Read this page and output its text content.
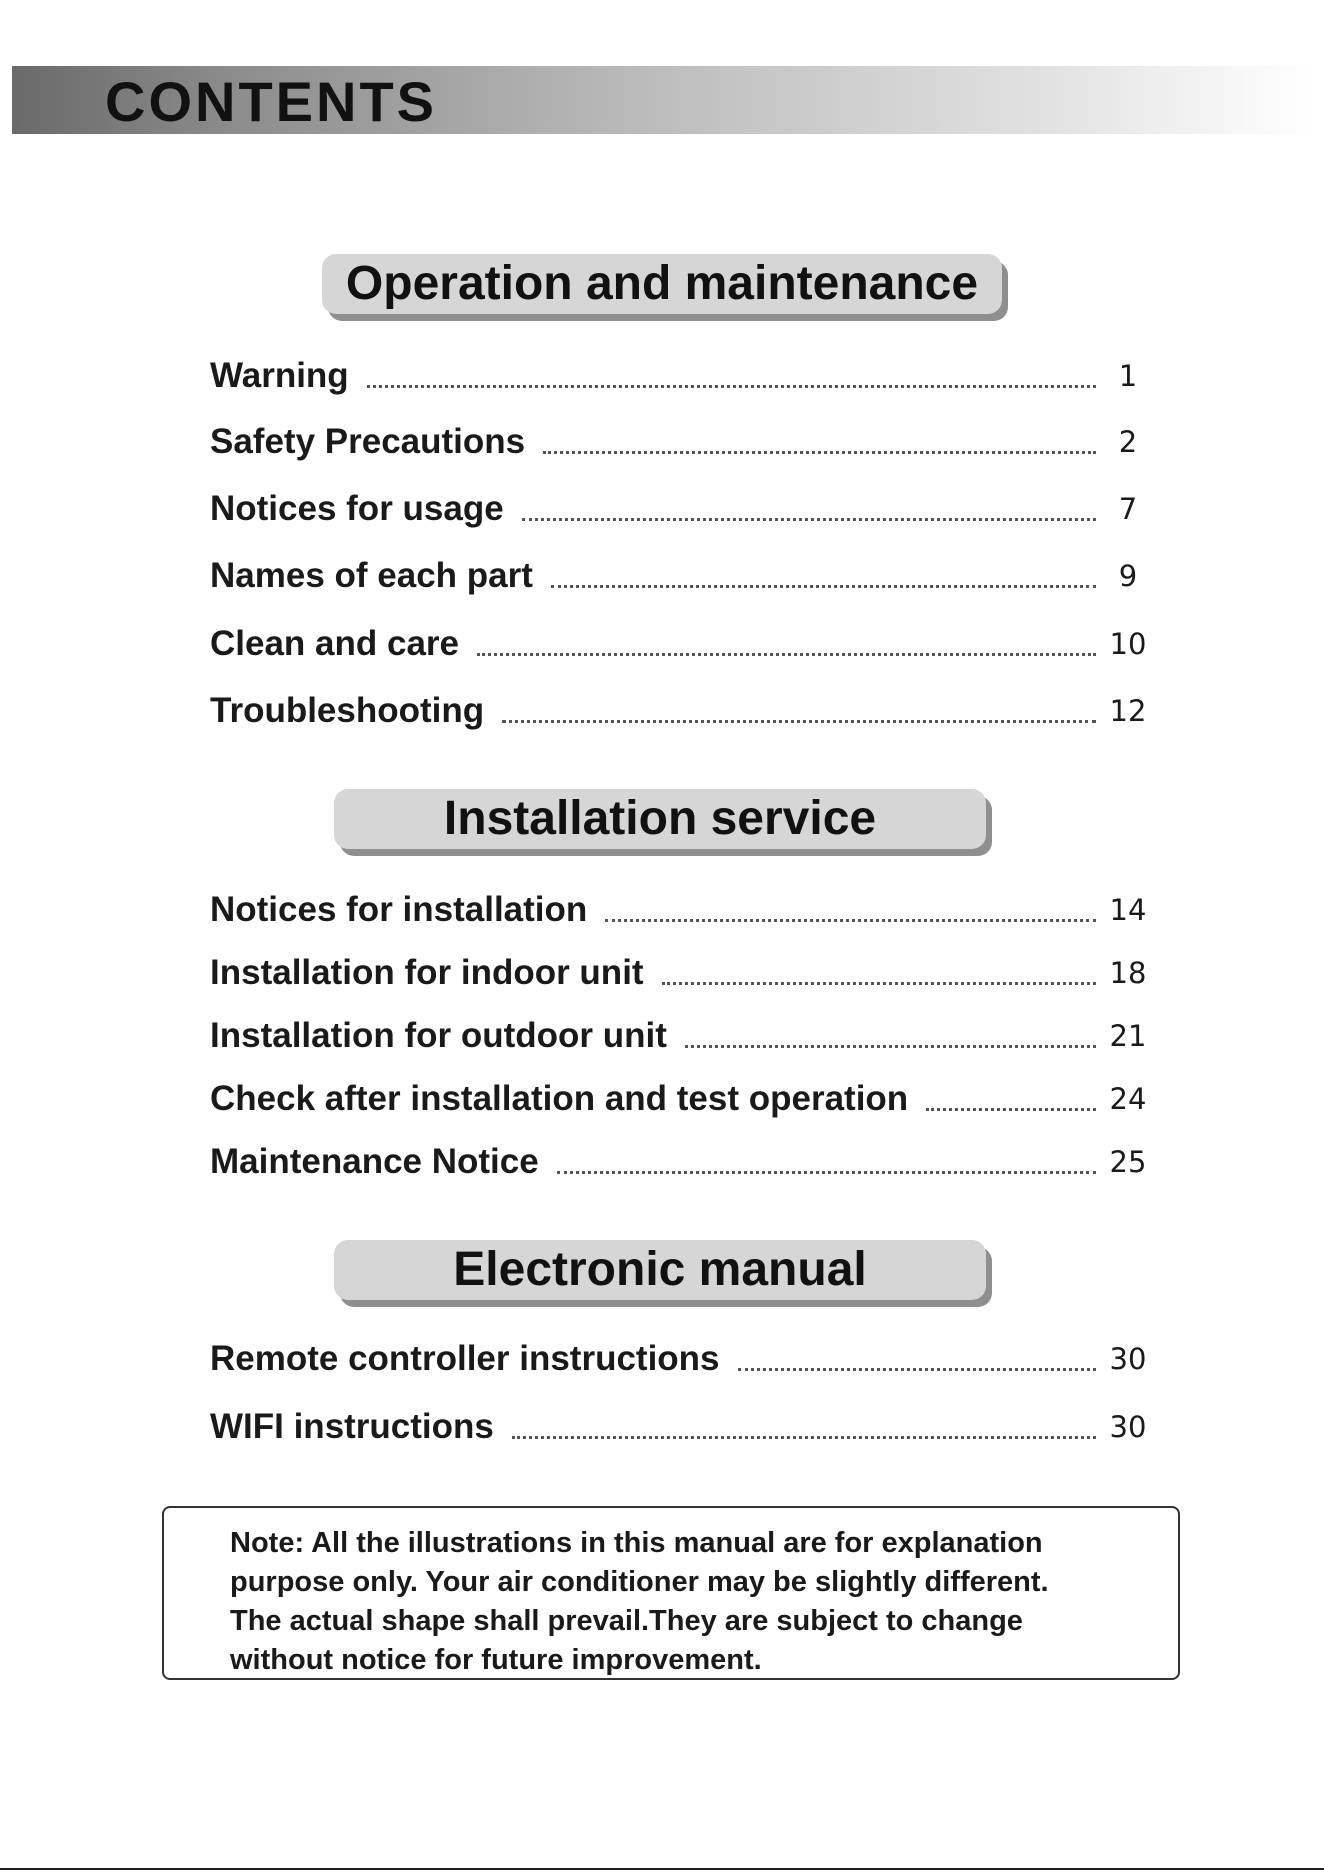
CONTENTS
Operation and maintenance
Warning	1
Safety Precautions	2
Notices for usage	7
Names of each part	9
Clean and care	10
Troubleshooting	12
Installation service
Notices for installation	14
Installation for indoor unit	18
Installation for outdoor unit	21
Check after installation and test operation	24
Maintenance Notice	25
Electronic manual
Remote controller instructions	30
WIFI instructions	30
Note: All the illustrations in this manual are for explanation
purpose only. Your air conditioner may be slightly different.
The actual shape shall prevail.They are subject to change
without notice for future improvement.
